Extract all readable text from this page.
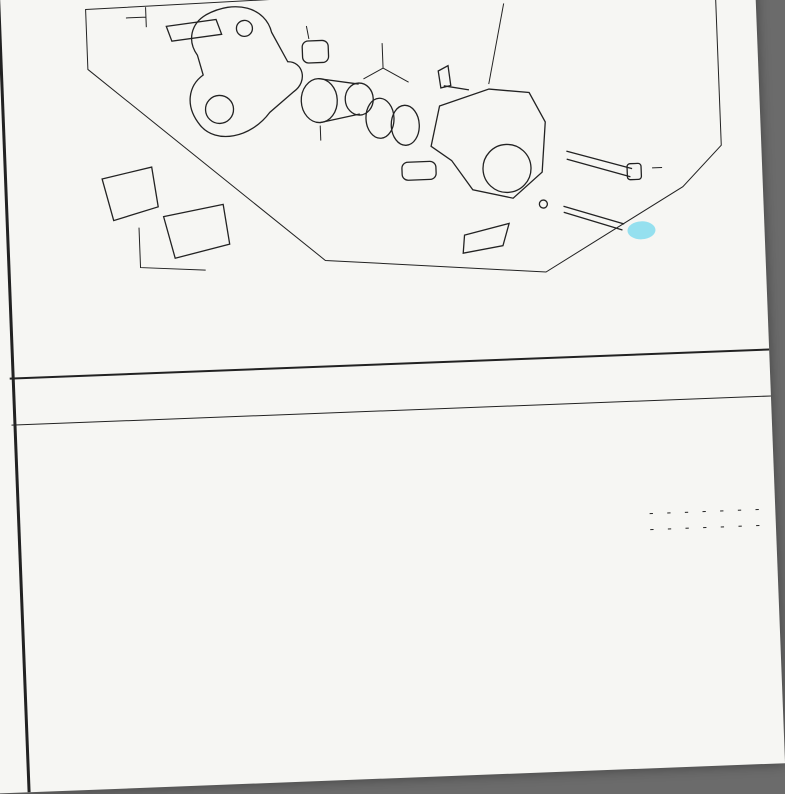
- - - - - - -
- - - - - - -
